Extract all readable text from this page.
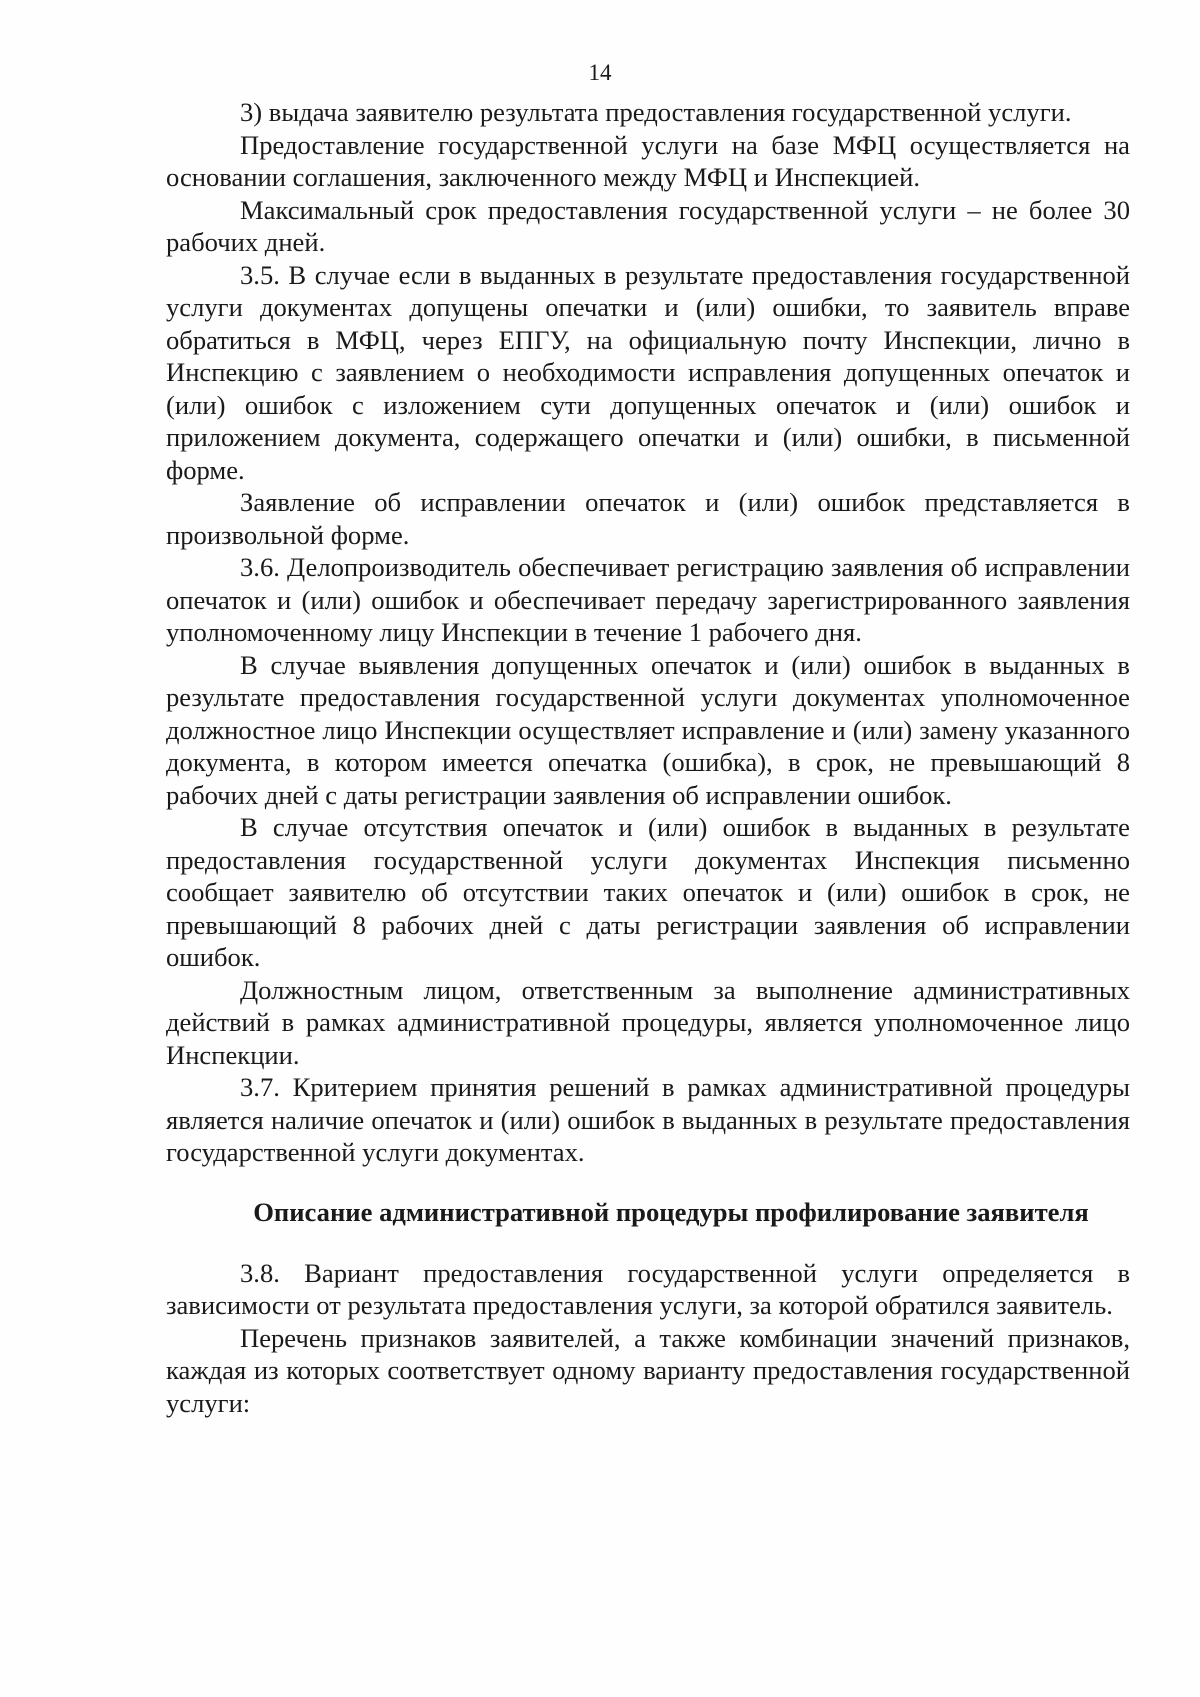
14

3) выдача заявителю результата предоставления государственной услуги.

Предоставление государственной услуги на базе МФЦ осуществляется на основании соглашения, заключенного между МФЦ и Инспекцией.

Максимальный срок предоставления государственной услуги – не более 30 рабочих дней.

3.5. В случае если в выданных в результате предоставления государственной услуги документах допущены опечатки и (или) ошибки, то заявитель вправе обратиться в МФЦ, через ЕПГУ, на официальную почту Инспекции, лично в Инспекцию с заявлением о необходимости исправления допущенных опечаток и (или) ошибок с изложением сути допущенных опечаток и (или) ошибок и приложением документа, содержащего опечатки и (или) ошибки, в письменной форме.

Заявление об исправлении опечаток и (или) ошибок представляется в произвольной форме.

3.6. Делопроизводитель обеспечивает регистрацию заявления об исправлении опечаток и (или) ошибок и обеспечивает передачу зарегистрированного заявления уполномоченному лицу Инспекции в течение 1 рабочего дня.

В случае выявления допущенных опечаток и (или) ошибок в выданных в результате предоставления государственной услуги документах уполномоченное должностное лицо Инспекции осуществляет исправление и (или) замену указанного документа, в котором имеется опечатка (ошибка), в срок, не превышающий 8 рабочих дней с даты регистрации заявления об исправлении ошибок.

В случае отсутствия опечаток и (или) ошибок в выданных в результате предоставления государственной услуги документах Инспекция письменно сообщает заявителю об отсутствии таких опечаток и (или) ошибок в срок, не превышающий 8 рабочих дней с даты регистрации заявления об исправлении ошибок.

Должностным лицом, ответственным за выполнение административных действий в рамках административной процедуры, является уполномоченное лицо Инспекции.

3.7. Критерием принятия решений в рамках административной процедуры является наличие опечаток и (или) ошибок в выданных в результате предоставления государственной услуги документах.

Описание административной процедуры профилирование заявителя

3.8. Вариант предоставления государственной услуги определяется в зависимости от результата предоставления услуги, за которой обратился заявитель.

Перечень признаков заявителей, а также комбинации значений признаков, каждая из которых соответствует одному варианту предоставления государственной услуги:
